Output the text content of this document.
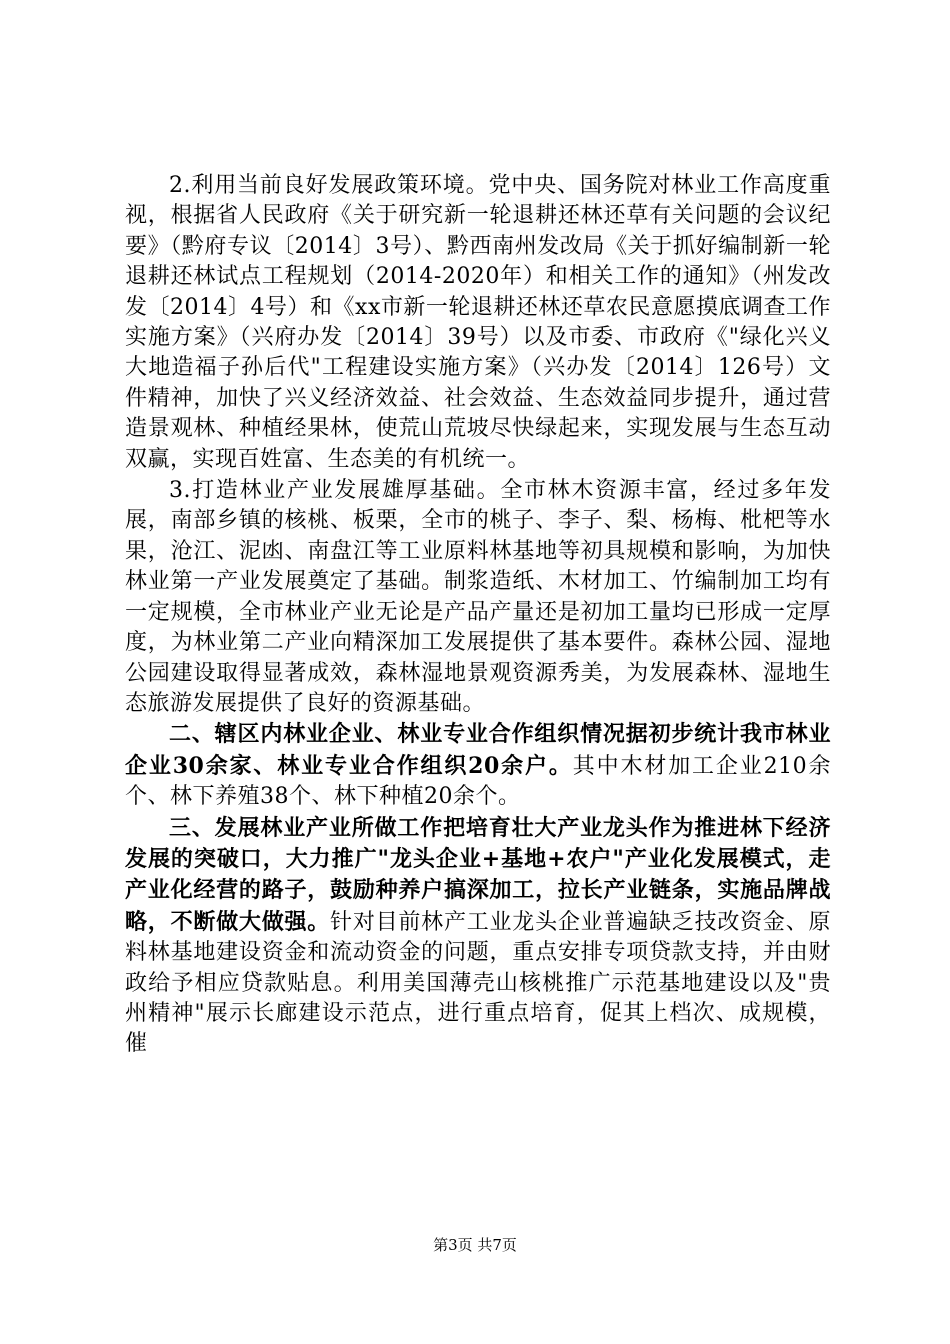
2.利用当前良好发展政策环境。党中央、国务院对林业工作高度重视，根据省人民政府《关于研究新一轮退耕还林还草有关问题的会议纪要》（黔府专议〔2014〕3号）、黔西南州发改局《关于抓好编制新一轮退耕还林试点工程规划（2014-2020年）和相关工作的通知》（州发改发〔2014〕4号）和《xx市新一轮退耕还林还草农民意愿摸底调查工作实施方案》（兴府办发〔2014〕39号）以及市委、市政府《"绿化兴义大地造福子孙后代"工程建设实施方案》（兴办发〔2014〕126号）文件精神，加快了兴义经济效益、社会效益、生态效益同步提升，通过营造景观林、种植经果林，使荒山荒坡尽快绿起来，实现发展与生态互动双赢，实现百姓富、生态美的有机统一。

3.打造林业产业发展雄厚基础。全市林木资源丰富，经过多年发展，南部乡镇的核桃、板栗，全市的桃子、李子、梨、杨梅、枇杷等水果，沧江、泥凼、南盘江等工业原料林基地等初具规模和影响，为加快林业第一产业发展奠定了基础。制浆造纸、木材加工、竹编制加工均有一定规模，全市林业产业无论是产品产量还是初加工量均已形成一定厚度，为林业第二产业向精深加工发展提供了基本要件。森林公园、湿地公园建设取得显著成效，森林湿地景观资源秀美，为发展森林、湿地生态旅游发展提供了良好的资源基础。

二、辖区内林业企业、林业专业合作组织情况据初步统计我市林业企业30余家、林业专业合作组织20余户。其中木材加工企业210余个、林下养殖38个、林下种植20余个。

三、发展林业产业所做工作把培育壮大产业龙头作为推进林下经济发展的突破口，大力推广"龙头企业+基地+农户"产业化发展模式，走产业化经营的路子，鼓励种养户搞深加工，拉长产业链条，实施品牌战略，不断做大做强。针对目前林产工业龙头企业普遍缺乏技改资金、原料林基地建设资金和流动资金的问题，重点安排专项贷款支持，并由财政给予相应贷款贴息。利用美国薄壳山核桃推广示范基地建设以及"贵州精神"展示长廊建设示范点，进行重点培育，促其上档次、成规模，催

第3页 共7页
